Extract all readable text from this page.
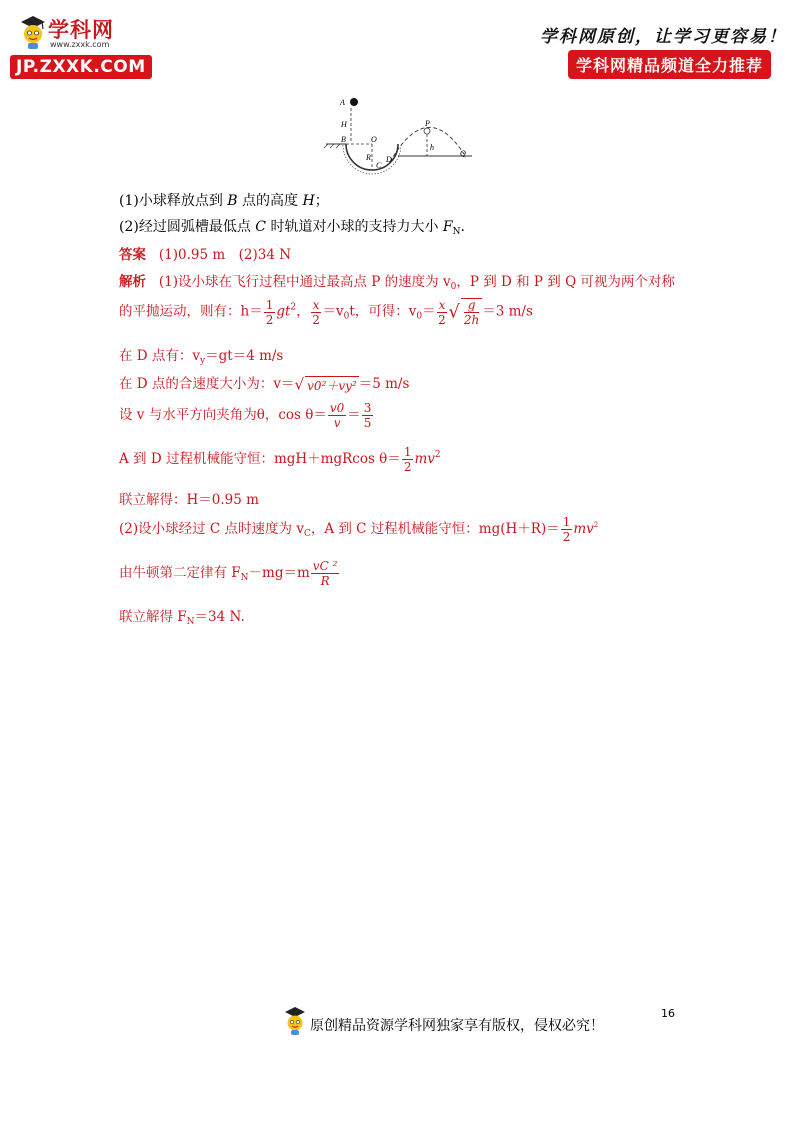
学科网
www.zxxk.com
JP.ZXXK.COM
学科网原创，让学习更容易！
学科网精品频道全力推荐
A
H
B	O
R
C
D
P
h
Q
(1)小球释放点到 B 点的高度 H；
(2)经过圆弧槽最低点 C 时轨道对小球的支持力大小 $F_N$.
答案 (1)0.95 m　(2)34 N
解析 (1)设小球在飞行过程中通过最高点 P 的速度为 $v_0$，P 到 D 和 P 到 Q 可视为两个对称
的平抛运动，则有：$h= \frac{1}{2} gt^2$， $\frac{x}{2} =v_0t$，可得：$v_0= \frac{x}{2}$ √ $\frac{g}{2h} =3$ m/s
在 D 点有：$v_y=gt=4$ m/s
在 D 点的合速度大小为：v＝√ v0²＋vy² ＝5 m/s
设 v 与水平方向夹角为θ，$\cos \theta= \frac{v0}{v} = \frac{3}{5}$
A 到 D 过程机械能守恒：mgH＋mgRcos $\theta= \frac{1}{2} mv^2$
联立解得：H＝0.95 m
(2)设小球经过 C 点时速度为 $v_C$，A 到 C 过程机械能守恒：$mg(H+R)= \frac{1}{2} mv^2$
由牛顿第二定律有 $F_N-mg=m \frac{\text{vC ²}}{R}$
联立解得 $F_N=34$ N.
原创精品资源学科网独家享有版权，侵权必究！
16
